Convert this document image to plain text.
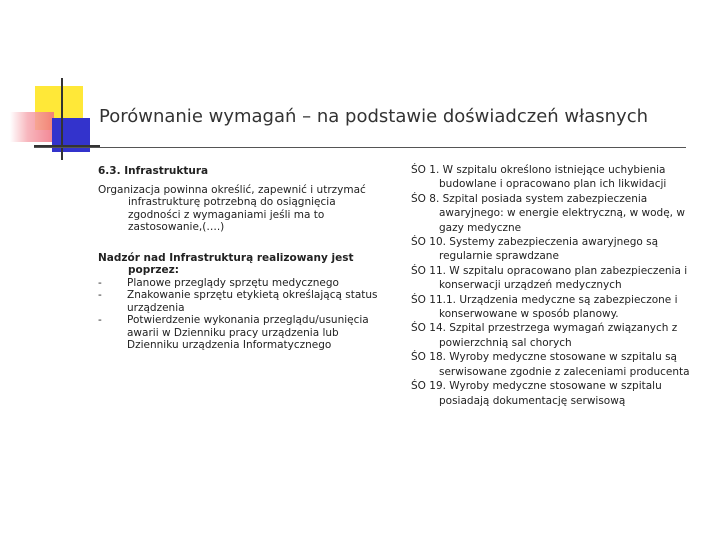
Porównanie wymagań – na podstawie doświadczeń własnych
6.3. Infrastruktura
Organizacja powinna określić, zapewnić i utrzymać infrastrukturę potrzebną do osiągnięcia zgodności z wymaganiami jeśli ma to zastosowanie,(….)
Nadzór nad Infrastrukturą realizowany jest poprzez:
- Planowe przeglądy sprzętu medycznego
- Znakowanie sprzętu etykietą określającą status urządzenia
- Potwierdzenie wykonania przeglądu/usunięcia awarii w Dzienniku pracy urządzenia lub Dzienniku urządzenia Informatycznego
ŚO 1. W szpitalu określono istniejące uchybienia budowlane i opracowano plan ich likwidacji
ŚO 8. Szpital posiada system zabezpieczenia awaryjnego: w energie elektryczną, w wodę, w gazy medyczne
ŚO 10. Systemy zabezpieczenia awaryjnego są regularnie sprawdzane
ŚO 11. W szpitalu opracowano plan zabezpieczenia i konserwacji urządzeń medycznych
ŚO 11.1. Urządzenia medyczne są zabezpieczone i konserwowane w sposób planowy.
ŚO 14. Szpital przestrzega wymagań związanych z powierzchnią sal chorych
ŚO 18. Wyroby medyczne stosowane w szpitalu są serwisowane zgodnie z zaleceniami producenta
ŚO 19. Wyroby medyczne stosowane w szpitalu posiadają dokumentację serwisową
